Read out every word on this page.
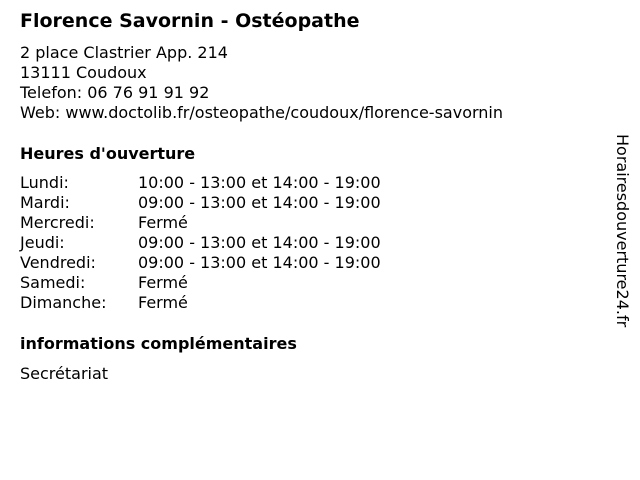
Florence Savornin - Ostéopathe
2 place Clastrier App. 214
13111 Coudoux
Telefon: 06 76 91 91 92
Web: www.doctolib.fr/osteopathe/coudoux/florence-savornin
Heures d'ouverture
Lundi:	10:00 - 13:00 et 14:00 - 19:00
Mardi:	09:00 - 13:00 et 14:00 - 19:00
Mercredi:	Fermé
Jeudi:	09:00 - 13:00 et 14:00 - 19:00
Vendredi:	09:00 - 13:00 et 14:00 - 19:00
Samedi:	Fermé
Dimanche: Fermé
informations complémentaires
Secrétariat
Horairesdouverture24.fr
